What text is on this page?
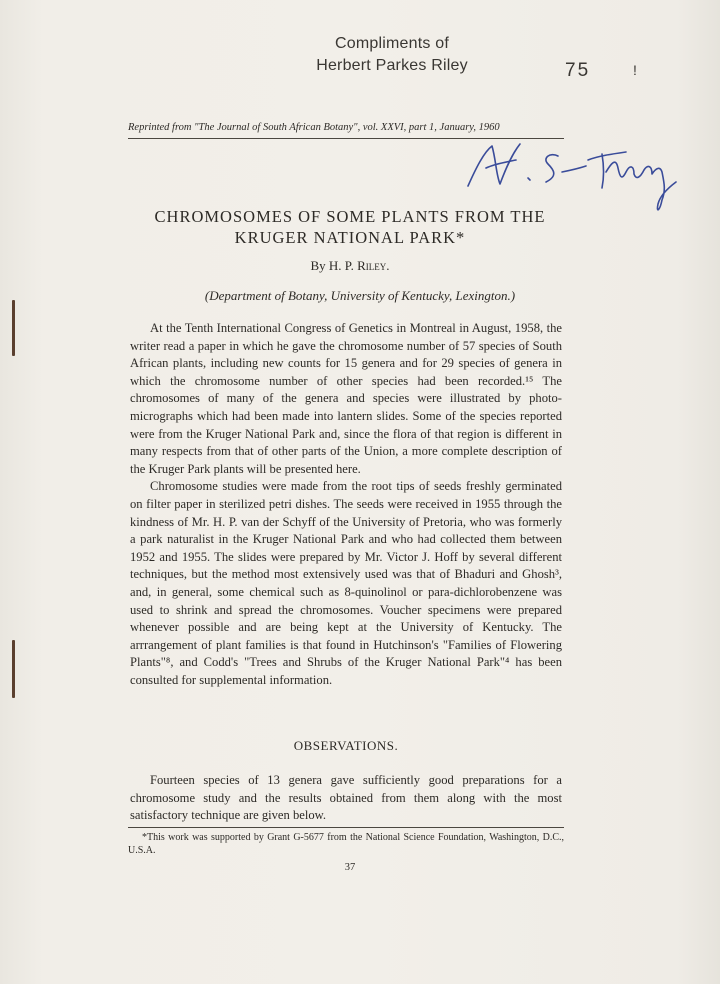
Compliments of
Herbert Parkes Riley	75	!
Reprinted from "The Journal of South African Botany", vol. XXVI, part 1, January, 1960
CHROMOSOMES OF SOME PLANTS FROM THE
KRUGER NATIONAL PARK*
By H. P. Riley.
(Department of Botany, University of Kentucky, Lexington.)

At the Tenth International Congress of Genetics in Montreal in August, 1958, the writer read a paper in which he gave the chromosome number of 57 species of South African plants, including new counts for 15 genera and for 29 species of genera in which the chromosome number of other species had been recorded.¹⁵ The chromosomes of many of the genera and species were illustrated by photo-micrographs which had been made into lantern slides. Some of the species reported were from the Kruger National Park and, since the flora of that region is different in many respects from that of other parts of the Union, a more complete description of the Kruger Park plants will be presented here.

Chromosome studies were made from the root tips of seeds freshly germinated on filter paper in sterilized petri dishes. The seeds were received in 1955 through the kindness of Mr. H. P. van der Schyff of the University of Pretoria, who was formerly a park naturalist in the Kruger National Park and who had collected them between 1952 and 1955. The slides were prepared by Mr. Victor J. Hoff by several different techniques, but the method most extensively used was that of Bhaduri and Ghosh³, and, in general, some chemical such as 8-quinolinol or para-dichlorobenzene was used to shrink and spread the chromosomes. Voucher specimens were prepared whenever possible and are being kept at the University of Kentucky. The arrrangement of plant families is that found in Hutchinson's "Families of Flowering Plants"⁸, and Codd's "Trees and Shrubs of the Kruger National Park"⁴ has been consulted for supplemental information.

OBSERVATIONS.

Fourteen species of 13 genera gave sufficiently good preparations for a chromosome study and the results obtained from them along with the most satisfactory technique are given below.

*This work was supported by Grant G-5677 from the National Science Foundation, Washington, D.C., U.S.A.

37
